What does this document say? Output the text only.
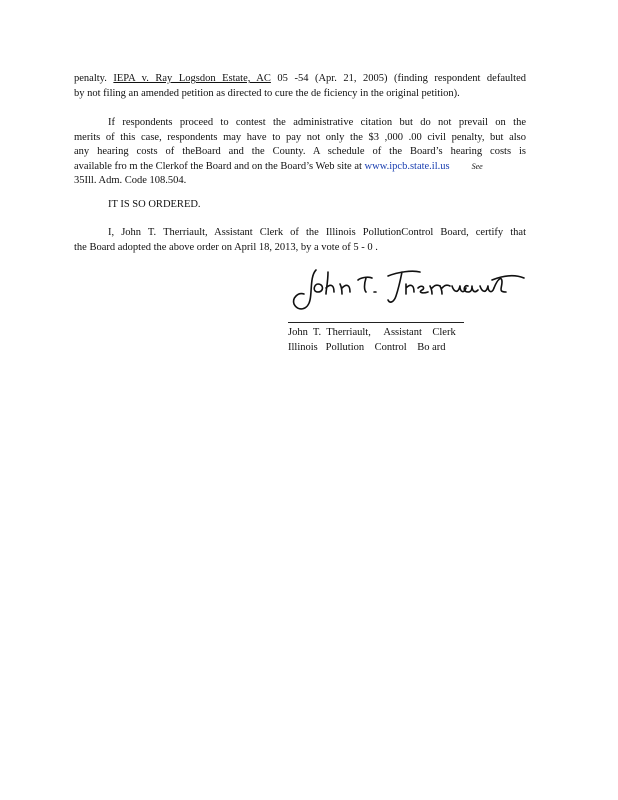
penalty. IEPA v. Ray Logsdon Estate, AC 05 -54 (Apr. 21, 2005) (finding respondent defaulted

by not filing an amended petition as directed to cure the de ficiency in the original petition).

If respondents proceed to contest the administrative citation but do not prevail on the

merits of this case, respondents may have to pay not only the $3 ,000 .00 civil penalty, but also

any hearing costs of theBoard and the County. A schedule of the Board’s hearing costs is

available fro m the Clerkof the Board and on the Board’s Web site at www.ipcb.state.il.us	See

35Ill. Adm. Code 108.504.

IT IS SO ORDERED.

I, John T. Therriault, Assistant Clerk of the Illinois PollutionControl Board, certify that

the Board adopted the above order on April 18, 2013, by a vote of 5 - 0 .

John  T.  Therriault,     Assistant    Clerk
Illinois   Pollution    Control    Bo ard
